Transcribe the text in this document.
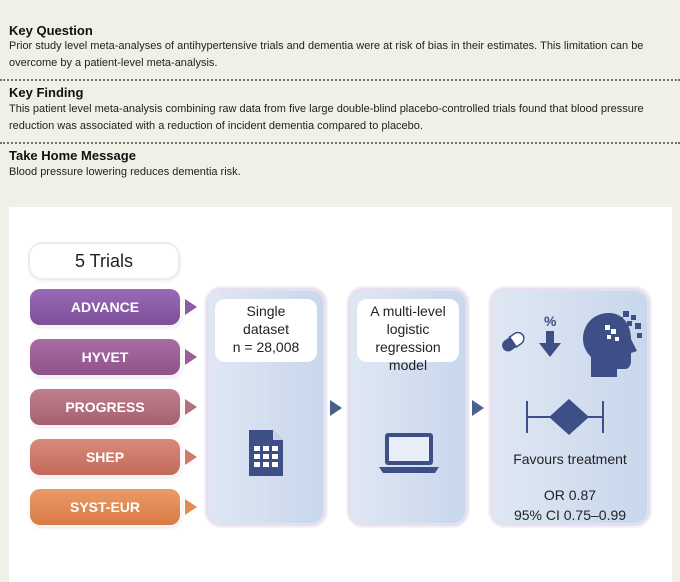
Key Question

Prior study level meta-analyses of antihypertensive trials and dementia were at risk of bias in their estimates. This limitation can be

overcome by a patient-level meta-analysis.

Key Finding

This patient level meta-analysis combining raw data from five large double-blind placebo-controlled trials found that blood pressure

reduction was associated with a reduction of incident dementia compared to placebo.

Take Home Message

Blood pressure lowering reduces dementia risk.

5 Trials
ADVANCE
HYVET
PROGRESS
SHEP
SYST-EUR
Single
dataset
n = 28,008
A multi-level
logistic
regression model
%
Favours treatment
OR 0.87
95% CI 0.75–0.99
